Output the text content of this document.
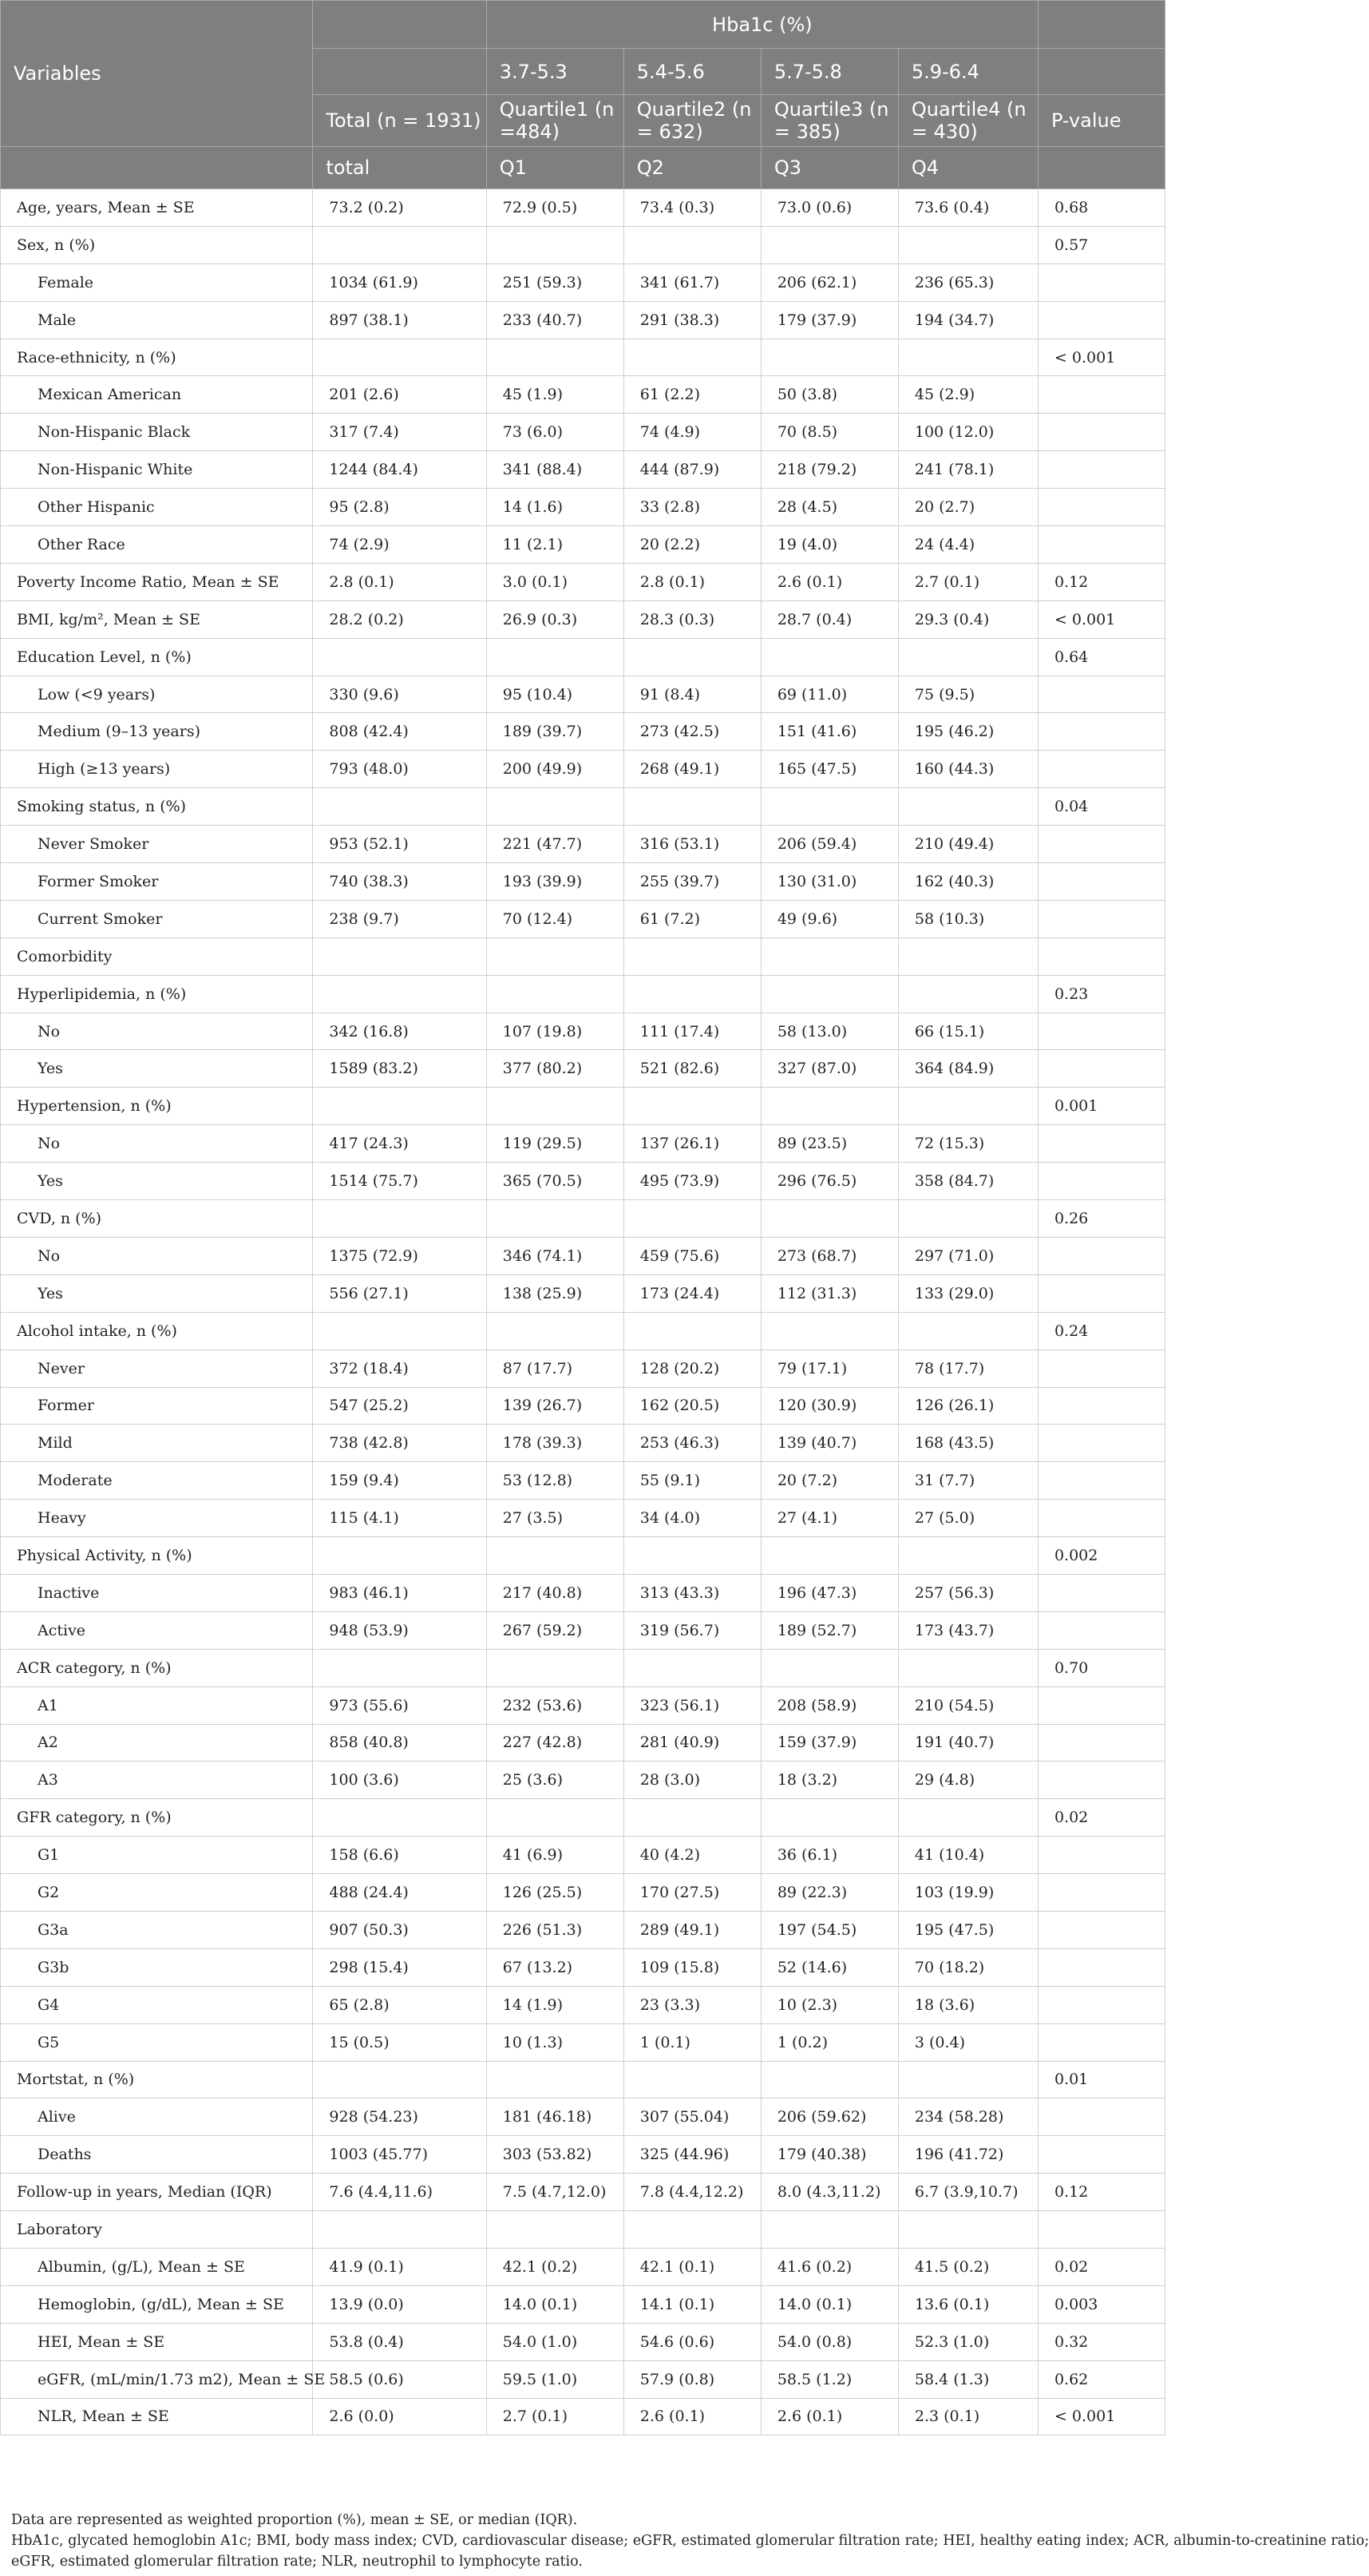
Variables		Hba1c (%)				
		3.7-5.3	5.4-5.6	5.7-5.8	5.9-6.4	
	Total (n = 1931)	Quartile1 (n =484)	Quartile2 (n = 632)	Quartile3 (n = 385)	Quartile4 (n = 430)	P-value
	total	Q1	Q2	Q3	Q4	
Age, years, Mean ± SE	73.2 (0.2)	72.9 (0.5)	73.4 (0.3)	73.0 (0.6)	73.6 (0.4)	0.68
Sex, n (%)						0.57
Female	1034 (61.9)	251 (59.3)	341 (61.7)	206 (62.1)	236 (65.3)	
Male	897 (38.1)	233 (40.7)	291 (38.3)	179 (37.9)	194 (34.7)	
Race-ethnicity, n (%)						< 0.001
Mexican American	201 (2.6)	45 (1.9)	61 (2.2)	50 (3.8)	45 (2.9)	
Non-Hispanic Black	317 (7.4)	73 (6.0)	74 (4.9)	70 (8.5)	100 (12.0)	
Non-Hispanic White	1244 (84.4)	341 (88.4)	444 (87.9)	218 (79.2)	241 (78.1)	
Other Hispanic	95 (2.8)	14 (1.6)	33 (2.8)	28 (4.5)	20 (2.7)	
Other Race	74 (2.9)	11 (2.1)	20 (2.2)	19 (4.0)	24 (4.4)	
Poverty Income Ratio, Mean ± SE	2.8 (0.1)	3.0 (0.1)	2.8 (0.1)	2.6 (0.1)	2.7 (0.1)	0.12
BMI, kg/m², Mean ± SE	28.2 (0.2)	26.9 (0.3)	28.3 (0.3)	28.7 (0.4)	29.3 (0.4)	< 0.001
Education Level, n (%)						0.64
Low (<9 years)	330 (9.6)	95 (10.4)	91 (8.4)	69 (11.0)	75 (9.5)	
Medium (9–13 years)	808 (42.4)	189 (39.7)	273 (42.5)	151 (41.6)	195 (46.2)	
High (≥13 years)	793 (48.0)	200 (49.9)	268 (49.1)	165 (47.5)	160 (44.3)	
Smoking status, n (%)						0.04
Never Smoker	953 (52.1)	221 (47.7)	316 (53.1)	206 (59.4)	210 (49.4)	
Former Smoker	740 (38.3)	193 (39.9)	255 (39.7)	130 (31.0)	162 (40.3)	
Current Smoker	238 (9.7)	70 (12.4)	61 (7.2)	49 (9.6)	58 (10.3)	
Comorbidity						
Hyperlipidemia, n (%)						0.23
No	342 (16.8)	107 (19.8)	111 (17.4)	58 (13.0)	66 (15.1)	
Yes	1589 (83.2)	377 (80.2)	521 (82.6)	327 (87.0)	364 (84.9)	
Hypertension, n (%)						0.001
No	417 (24.3)	119 (29.5)	137 (26.1)	89 (23.5)	72 (15.3)	
Yes	1514 (75.7)	365 (70.5)	495 (73.9)	296 (76.5)	358 (84.7)	
CVD, n (%)						0.26
No	1375 (72.9)	346 (74.1)	459 (75.6)	273 (68.7)	297 (71.0)	
Yes	556 (27.1)	138 (25.9)	173 (24.4)	112 (31.3)	133 (29.0)	
Alcohol intake, n (%)						0.24
Never	372 (18.4)	87 (17.7)	128 (20.2)	79 (17.1)	78 (17.7)	
Former	547 (25.2)	139 (26.7)	162 (20.5)	120 (30.9)	126 (26.1)	
Mild	738 (42.8)	178 (39.3)	253 (46.3)	139 (40.7)	168 (43.5)	
Moderate	159 (9.4)	53 (12.8)	55 (9.1)	20 (7.2)	31 (7.7)	
Heavy	115 (4.1)	27 (3.5)	34 (4.0)	27 (4.1)	27 (5.0)	
Physical Activity, n (%)						0.002
Inactive	983 (46.1)	217 (40.8)	313 (43.3)	196 (47.3)	257 (56.3)	
Active	948 (53.9)	267 (59.2)	319 (56.7)	189 (52.7)	173 (43.7)	
ACR category, n (%)						0.70
A1	973 (55.6)	232 (53.6)	323 (56.1)	208 (58.9)	210 (54.5)	
A2	858 (40.8)	227 (42.8)	281 (40.9)	159 (37.9)	191 (40.7)	
A3	100 (3.6)	25 (3.6)	28 (3.0)	18 (3.2)	29 (4.8)	
GFR category, n (%)						0.02
G1	158 (6.6)	41 (6.9)	40 (4.2)	36 (6.1)	41 (10.4)	
G2	488 (24.4)	126 (25.5)	170 (27.5)	89 (22.3)	103 (19.9)	
G3a	907 (50.3)	226 (51.3)	289 (49.1)	197 (54.5)	195 (47.5)	
G3b	298 (15.4)	67 (13.2)	109 (15.8)	52 (14.6)	70 (18.2)	
G4	65 (2.8)	14 (1.9)	23 (3.3)	10 (2.3)	18 (3.6)	
G5	15 (0.5)	10 (1.3)	1 (0.1)	1 (0.2)	3 (0.4)	
Mortstat, n (%)						0.01
Alive	928 (54.23)	181 (46.18)	307 (55.04)	206 (59.62)	234 (58.28)	
Deaths	1003 (45.77)	303 (53.82)	325 (44.96)	179 (40.38)	196 (41.72)	
Follow-up in years, Median (IQR)	7.6 (4.4,11.6)	7.5 (4.7,12.0)	7.8 (4.4,12.2)	8.0 (4.3,11.2)	6.7 (3.9,10.7)	0.12
Laboratory						
Albumin, (g/L), Mean ± SE	41.9 (0.1)	42.1 (0.2)	42.1 (0.1)	41.6 (0.2)	41.5 (0.2)	0.02
Hemoglobin, (g/dL), Mean ± SE	13.9 (0.0)	14.0 (0.1)	14.1 (0.1)	14.0 (0.1)	13.6 (0.1)	0.003
HEI, Mean ± SE	53.8 (0.4)	54.0 (1.0)	54.6 (0.6)	54.0 (0.8)	52.3 (1.0)	0.32
eGFR, (mL/min/1.73 m2), Mean ± SE	58.5 (0.6)	59.5 (1.0)	57.9 (0.8)	58.5 (1.2)	58.4 (1.3)	0.62
NLR, Mean ± SE	2.6 (0.0)	2.7 (0.1)	2.6 (0.1)	2.6 (0.1)	2.3 (0.1)	< 0.001
Data are represented as weighted proportion (%), mean ± SE, or median (IQR).
HbA1c, glycated hemoglobin A1c; BMI, body mass index; CVD, cardiovascular disease; eGFR, estimated glomerular filtration rate; HEI, healthy eating index; ACR, albumin-to-creatinine ratio;
eGFR, estimated glomerular filtration rate; NLR, neutrophil to lymphocyte ratio.
